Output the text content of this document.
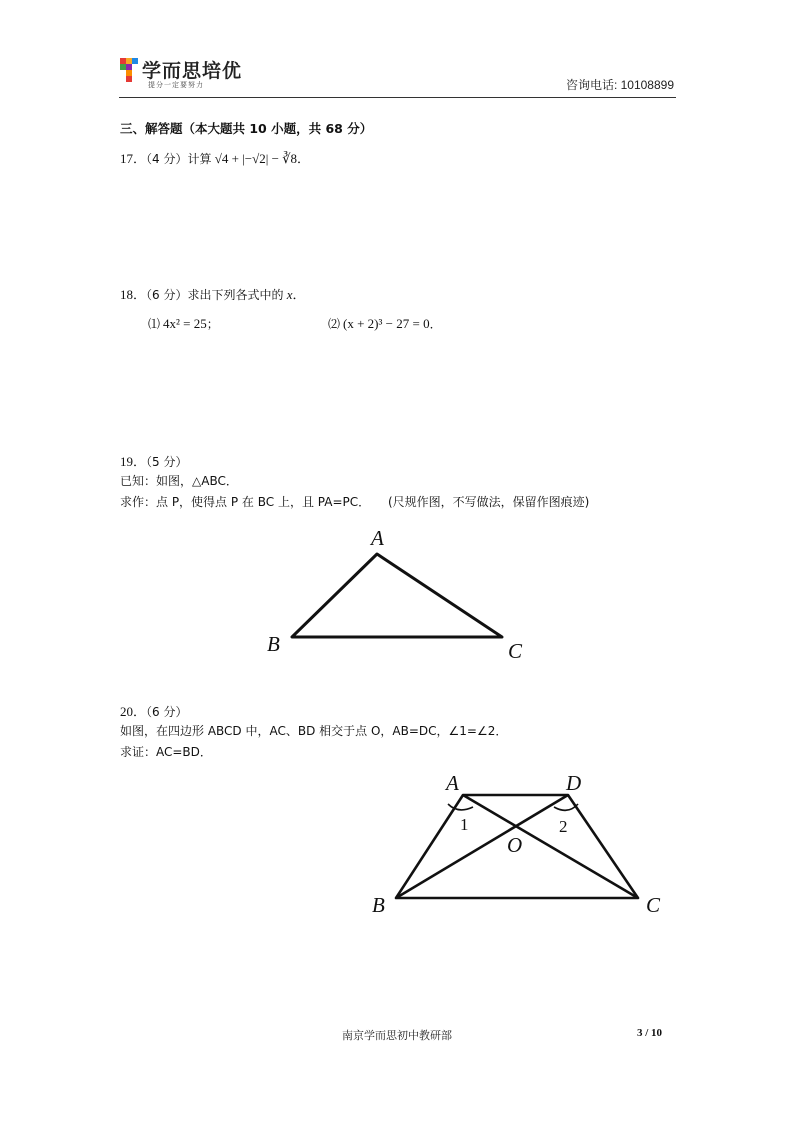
学而思培优
提分一定要努力	咨询电话: 10108899
三、解答题（本大题共 10 小题，共 68 分）
17．（4 分）计算 √4 + |−√2| − ∛8．
18．（6 分）求出下列各式中的 x．
⑴ 4x² = 25；	⑵ (x + 2)³ − 27 = 0．
19．（5 分）
已知：如图，△ABC．
求作：点 P，使得点 P 在 BC 上，且 PA=PC． (尺规作图，不写做法，保留作图痕迹)
A
B	C
20．（6 分）
如图，在四边形 ABCD 中，AC、BD 相交于点 O，AB=DC，∠1=∠2．
求证：AC=BD．
A	D
B	C
O
1	2
南京学而思初中教研部	3 / 10
